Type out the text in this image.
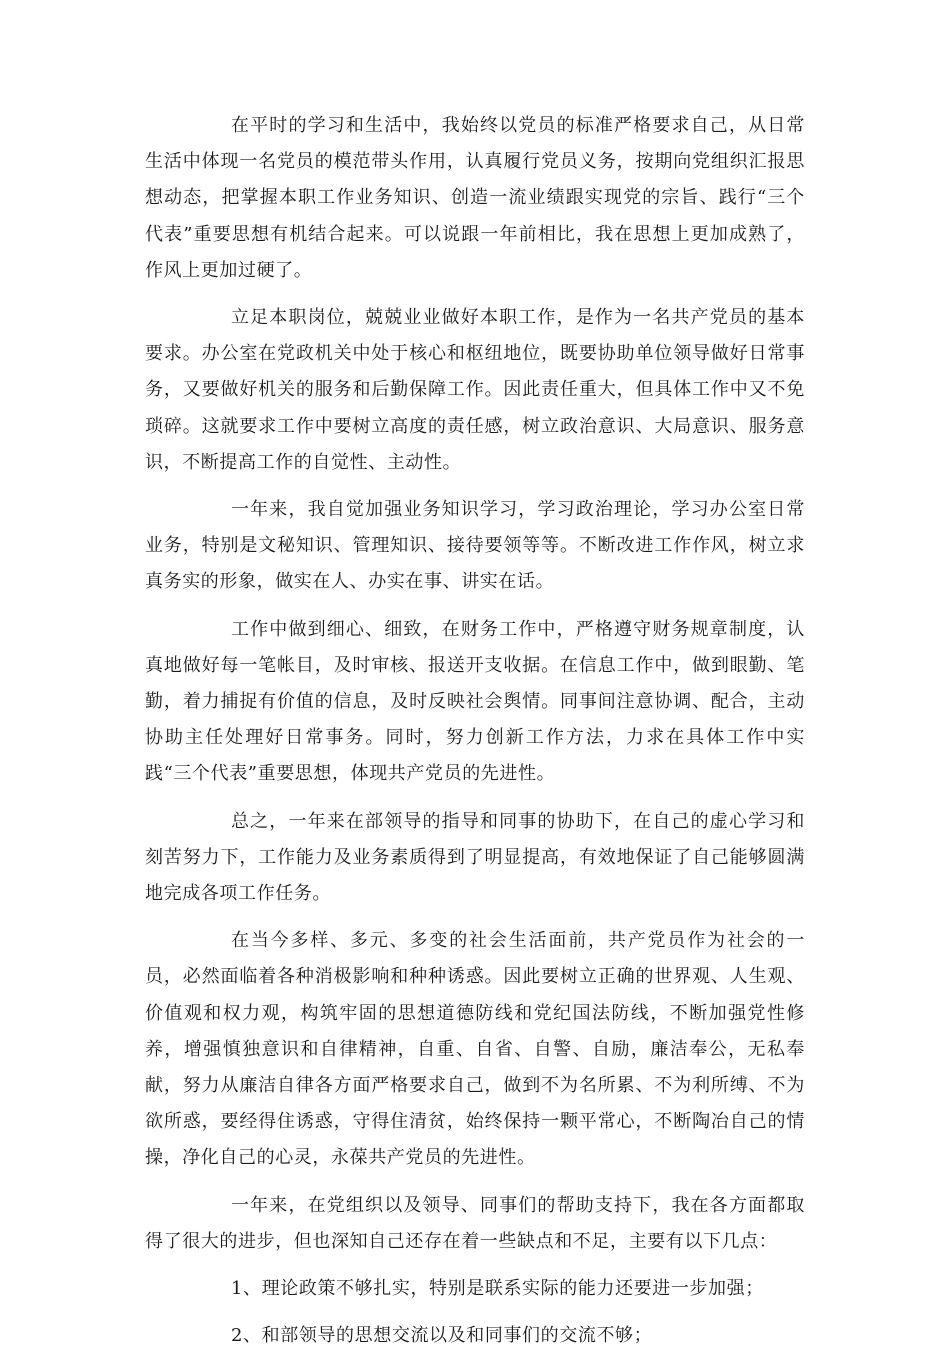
在平时的学习和生活中，我始终以党员的标准严格要求自己，从日常生活中体现一名党员的模范带头作用，认真履行党员义务，按期向党组织汇报思想动态，把掌握本职工作业务知识、创造一流业绩跟实现党的宗旨、践行“三个代表”重要思想有机结合起来。可以说跟一年前相比，我在思想上更加成熟了，作风上更加过硬了。

立足本职岗位，兢兢业业做好本职工作，是作为一名共产党员的基本要求。办公室在党政机关中处于核心和枢纽地位，既要协助单位领导做好日常事务，又要做好机关的服务和后勤保障工作。因此责任重大，但具体工作中又不免琐碎。这就要求工作中要树立高度的责任感，树立政治意识、大局意识、服务意识，不断提高工作的自觉性、主动性。

一年来，我自觉加强业务知识学习，学习政治理论，学习办公室日常业务，特别是文秘知识、管理知识、接待要领等等。不断改进工作作风，树立求真务实的形象，做实在人、办实在事、讲实在话。

工作中做到细心、细致，在财务工作中，严格遵守财务规章制度，认真地做好每一笔帐目，及时审核、报送开支收据。在信息工作中，做到眼勤、笔勤，着力捕捉有价值的信息，及时反映社会舆情。同事间注意协调、配合，主动协助主任处理好日常事务。同时，努力创新工作方法，力求在具体工作中实践“三个代表”重要思想，体现共产党员的先进性。

总之，一年来在部领导的指导和同事的协助下，在自己的虚心学习和刻苦努力下，工作能力及业务素质得到了明显提高，有效地保证了自己能够圆满地完成各项工作任务。

在当今多样、多元、多变的社会生活面前，共产党员作为社会的一员，必然面临着各种消极影响和种种诱惑。因此要树立正确的世界观、人生观、价值观和权力观，构筑牢固的思想道德防线和党纪国法防线，不断加强党性修养，增强慎独意识和自律精神，自重、自省、自警、自励，廉洁奉公，无私奉献，努力从廉洁自律各方面严格要求自己，做到不为名所累、不为利所缚、不为欲所惑，要经得住诱惑，守得住清贫，始终保持一颗平常心，不断陶冶自己的情操，净化自己的心灵，永葆共产党员的先进性。

一年来，在党组织以及领导、同事们的帮助支持下，我在各方面都取得了很大的进步，但也深知自己还存在着一些缺点和不足，主要有以下几点：

1、理论政策不够扎实，特别是联系实际的能力还要进一步加强；

2、和部领导的思想交流以及和同事们的交流不够；
